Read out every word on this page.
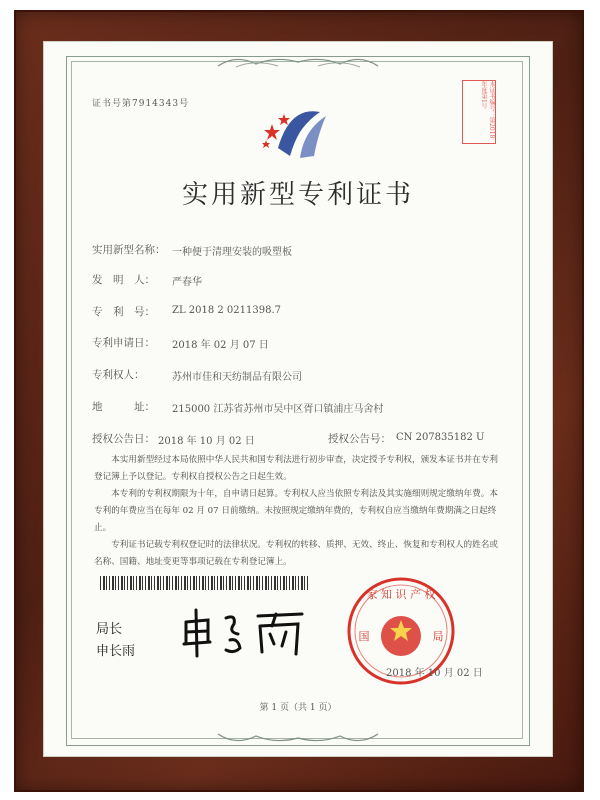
证书号第7914343号	本证书编号：第2018年度第1号
实用新型专利证书
实用新型名称： 一种便于清理安装的吸塑板
发　明　人： 严春华
专　利　号： ZL 2018 2 0211398.7
专利申请日： 2018 年 02 月 07 日
专利权人：	苏州市佳和天纺制品有限公司
地　　　址： 215000 江苏省苏州市吴中区胥口镇浦庄马舍村
授权公告日： 2018 年 10 月 02 日	授权公告号： CN 207835182 U
本实用新型经过本局依照中华人民共和国专利法进行初步审查，决定授予专利权，颁发本证书并在专利登记簿上予以登记。专利权自授权公告之日起生效。
本专利的专利权期限为十年，自申请日起算。专利权人应当依照专利法及其实施细则规定缴纳年费。本专利的年费应当在每年 02 月 07 日前缴纳。未按照规定缴纳年费的，专利权自应当缴纳年费期满之日起终止。
专利证书记载专利权登记时的法律状况。专利权的转移、质押、无效、终止、恢复和专利权人的姓名或名称、国籍、地址变更等事项记载在专利登记簿上。
局长
申长雨
家 知 识 产 权
国	局
2018 年 10 月 02 日
第 1 页（共 1 页）
